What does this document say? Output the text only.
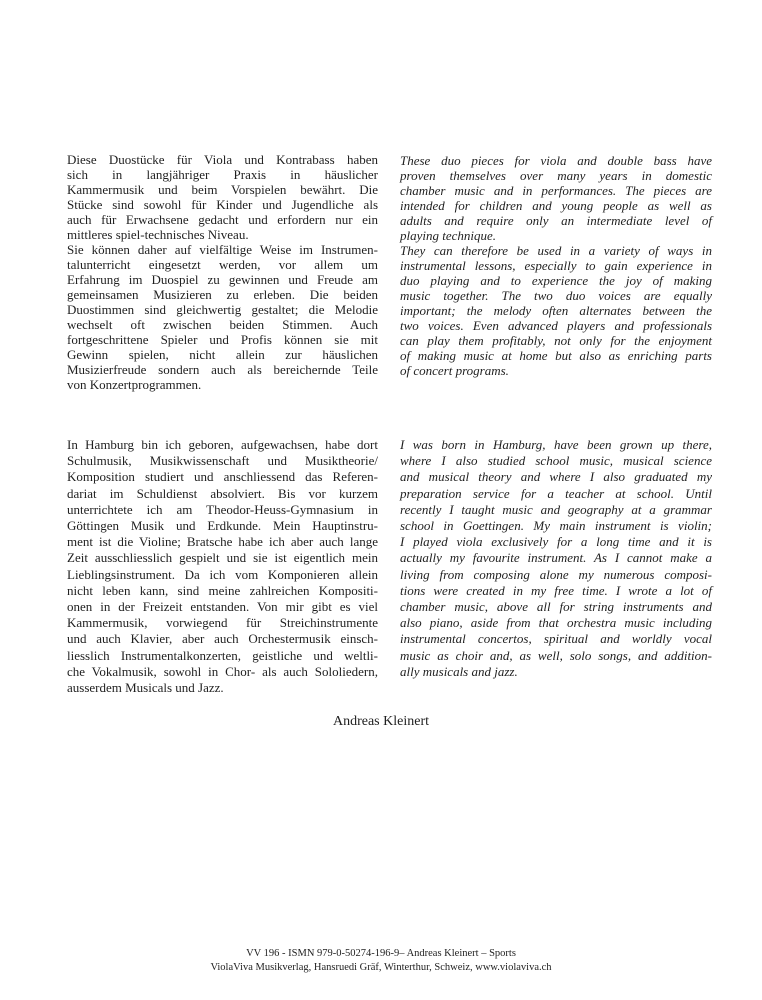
Diese Duostücke für Viola und Kontrabass haben
sich in langjähriger Praxis in häuslicher
Kammermusik und beim Vorspielen bewährt. Die
Stücke sind sowohl für Kinder und Jugendliche als
auch für Erwachsene gedacht und erfordern nur ein
mittleres spiel-technisches Niveau.
Sie können daher auf vielfältige Weise im Instrumen-
talunterricht eingesetzt werden, vor allem um
Erfahrung im Duospiel zu gewinnen und Freude am
gemeinsamen Musizieren zu erleben. Die beiden
Duostimmen sind gleichwertig gestaltet; die Melodie
wechselt oft zwischen beiden Stimmen. Auch
fortgeschrittene Spieler und Profis können sie mit
Gewinn spielen, nicht allein zur häuslichen
Musizierfreude sondern auch als bereichernde Teile
von Konzertprogrammen.
These duo pieces for viola and double bass have
proven themselves over many years in domestic
chamber music and in performances. The pieces are
intended for children and young people as well as
adults and require only an intermediate level of
playing technique.
They can therefore be used in a variety of ways in
instrumental lessons, especially to gain experience in
duo playing and to experience the joy of making
music together. The two duo voices are equally
important; the melody often alternates between the
two voices. Even advanced players and professionals
can play them profitably, not only for the enjoyment
of making music at home but also as enriching parts
of concert programs.
In Hamburg bin ich geboren, aufgewachsen, habe dort
Schulmusik, Musikwissenschaft und Musiktheorie/
Komposition studiert und anschliessend das Referen-
dariat im Schuldienst absolviert. Bis vor kurzem
unterrichtete ich am Theodor-Heuss-Gymnasium in
Göttingen Musik und Erdkunde. Mein Hauptinstru-
ment ist die Violine; Bratsche habe ich aber auch lange
Zeit ausschliesslich gespielt und sie ist eigentlich mein
Lieblingsinstrument. Da ich vom Komponieren allein
nicht leben kann, sind meine zahlreichen Kompositi-
onen in der Freizeit entstanden. Von mir gibt es viel
Kammermusik, vorwiegend für Streichinstrumente
und auch Klavier, aber auch Orchestermusik einsch-
liesslich Instrumentalkonzerten, geistliche und weltli-
che Vokalmusik, sowohl in Chor- als auch Sololiedern,
ausserdem Musicals und Jazz.
I was born in Hamburg, have been grown up there,
where I also studied school music, musical science
and musical theory and where I also graduated my
preparation service for a teacher at school. Until
recently I taught music and geography at a grammar
school in Goettingen. My main instrument is violin;
I played viola exclusively for a long time and it is
actually my favourite instrument. As I cannot make a
living from composing alone my numerous composi-
tions were created in my free time. I wrote a lot of
chamber music, above all for string instruments and
also piano, aside from that orchestra music including
instrumental concertos, spiritual and worldly vocal
music as choir and, as well, solo songs, and addition-
ally musicals and jazz.
Andreas Kleinert
VV 196 - ISMN 979-0-50274-196-9– Andreas Kleinert – Sports
ViolaViva Musikverlag, Hansruedi Gräf, Winterthur, Schweiz, www.violaviva.ch
